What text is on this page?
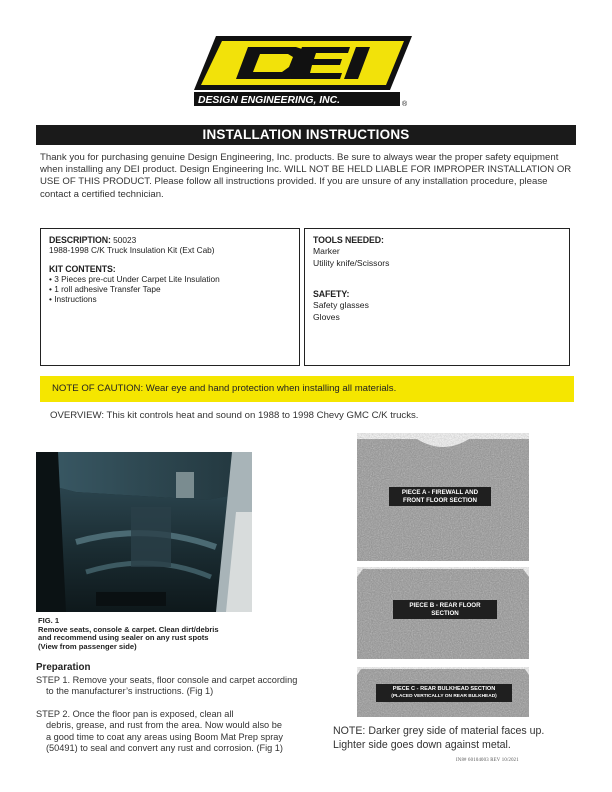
DESIGN ENGINEERING, INC.	®
INSTALLATION INSTRUCTIONS

Thank you for purchasing genuine Design Engineering, Inc. products. Be sure to always wear the proper safety equipment when installing any DEI product. Design Engineering Inc. WILL NOT BE HELD LIABLE FOR IMPROPER INSTALLATION OR USE OF THIS PRODUCT. Please follow all instructions provided. If you are unsure of any installation procedure, please contact a certified technician.

DESCRIPTION: 50023
1988-1998 C/K Truck Insulation Kit (Ext Cab)
KIT CONTENTS:
• 3 Pieces pre-cut Under Carpet Lite Insulation
• 1 roll adhesive Transfer Tape
• Instructions
TOOLS NEEDED:
Marker
Utility knife/Scissors
SAFETY:
Safety glasses
Gloves
NOTE OF CAUTION: Wear eye and hand protection when installing all materials.

OVERVIEW: This kit controls heat and sound on 1988 to 1998 Chevy GMC C/K trucks.

FIG. 1
Remove seats, console & carpet. Clean dirt/debris
and recommend using sealer on any rust spots
(View from passenger side)
Preparation
STEP 1. Remove your seats, floor console and carpet according
to the manufacturer’s instructions. (Fig 1)
STEP 2. Once the floor pan is exposed, clean all
debris, grease, and rust from the area. Now would also be
a good time to coat any areas using Boom Mat Prep spray
(50491) to seal and convert any rust and corrosion. (Fig 1)
PIECE A - FIREWALL AND
FRONT FLOOR SECTION
PIECE B - REAR FLOOR
SECTION
PIECE C - REAR BULKHEAD SECTION
(PLACED VERTICALLY ON REAR BULKHEAD)

NOTE: Darker grey side of material faces up. Lighter side goes down against metal.

IN8# 60104003 REV 10/2021
